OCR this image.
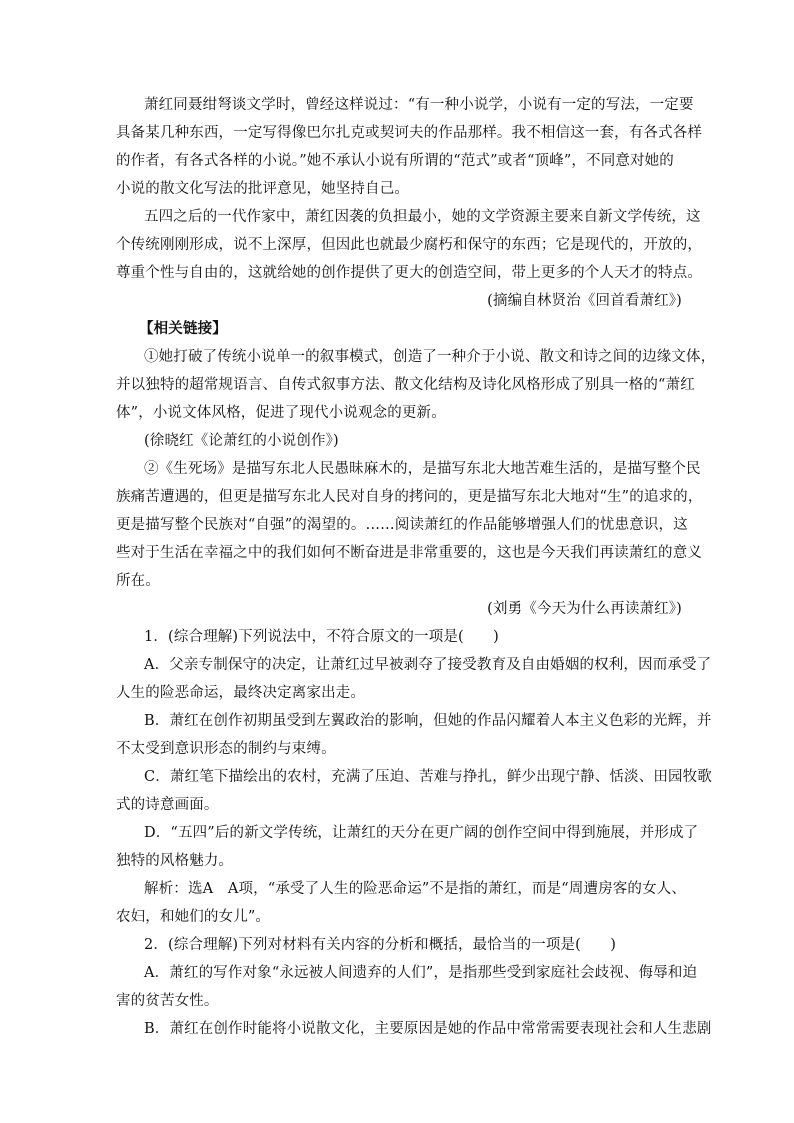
萧红同聂绀弩谈文学时，曾经这样说过：“有一种小说学，小说有一定的写法，一定要
具备某几种东西，一定写得像巴尔扎克或契诃夫的作品那样。我不相信这一套，有各式各样
的作者，有各式各样的小说。”她不承认小说有所谓的“范式”或者“顶峰”，不同意对她的
小说的散文化写法的批评意见，她坚持自己。
五四之后的一代作家中，萧红因袭的负担最小，她的文学资源主要来自新文学传统，这
个传统刚刚形成，说不上深厚，但因此也就最少腐朽和保守的东西；它是现代的，开放的，
尊重个性与自由的，这就给她的创作提供了更大的创造空间，带上更多的个人天才的特点。
(摘编自林贤治《回首看萧红》)
【相关链接】
①她打破了传统小说单一的叙事模式，创造了一种介于小说、散文和诗之间的边缘文体，
并以独特的超常规语言、自传式叙事方法、散文化结构及诗化风格形成了别具一格的“萧红
体”，小说文体风格，促进了现代小说观念的更新。
(徐晓红《论萧红的小说创作》)
②《生死场》是描写东北人民愚昧麻木的，是描写东北大地苦难生活的，是描写整个民
族痛苦遭遇的，但更是描写东北人民对自身的拷问的，更是描写东北大地对“生”的追求的，
更是描写整个民族对“自强”的渴望的。……阅读萧红的作品能够增强人们的忧患意识，这
些对于生活在幸福之中的我们如何不断奋进是非常重要的，这也是今天我们再读萧红的意义
所在。
(刘勇《今天为什么再读萧红》)
1．(综合理解)下列说法中，不符合原文的一项是(　　)
A．父亲专制保守的决定，让萧红过早被剥夺了接受教育及自由婚姻的权利，因而承受了
人生的险恶命运，最终决定离家出走。
B．萧红在创作初期虽受到左翼政治的影响，但她的作品闪耀着人本主义色彩的光辉，并
不太受到意识形态的制约与束缚。
C．萧红笔下描绘出的农村，充满了压迫、苦难与挣扎，鲜少出现宁静、恬淡、田园牧歌
式的诗意画面。
D．“五四”后的新文学传统，让萧红的天分在更广阔的创作空间中得到施展，并形成了
独特的风格魅力。
解析：选A　A项，“承受了人生的险恶命运”不是指的萧红，而是“周遭房客的女人、
农妇，和她们的女儿”。
2．(综合理解)下列对材料有关内容的分析和概括，最恰当的一项是(　　)
A．萧红的写作对象“永远被人间遗弃的人们”，是指那些受到家庭社会歧视、侮辱和迫
害的贫苦女性。
B．萧红在创作时能将小说散文化，主要原因是她的作品中常常需要表现社会和人生悲剧
